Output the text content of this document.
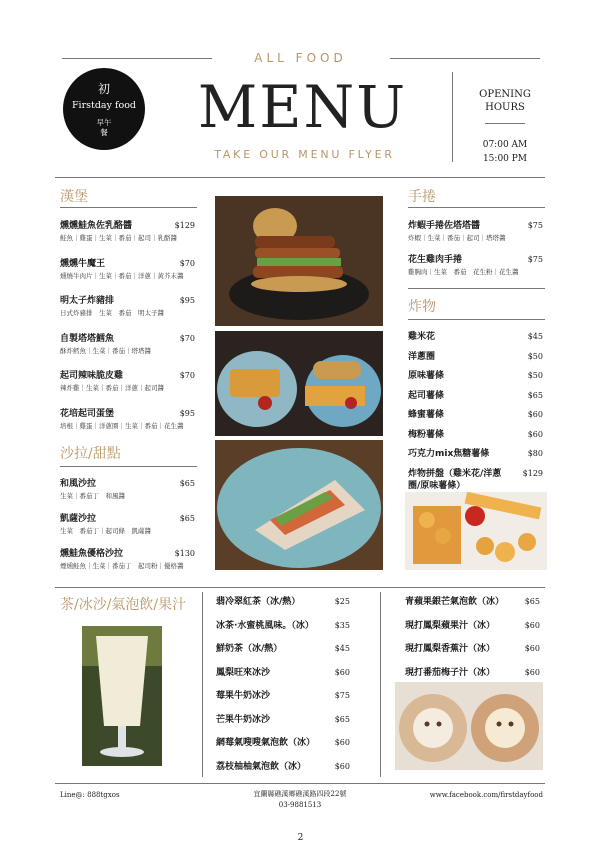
初
Firstday food
早午
餐
ALL FOOD
MENU
TAKE OUR MENU FLYER
OPENING
HOURS
07:00 AM
15:00 PM
漢堡
沙拉/甜點
手捲
炸物
茶/冰沙/氣泡飲/果汁
Line@: 888tgxos	宜蘭縣礁溪鄉礁溪路四段22號
03-9881513
www.facebook.com/firstdayfood
2
燻燻鮭魚佐乳酪醬	$129
鮭魚｜雞蛋｜生菜｜番茄｜起司｜乳酪醬
燻燻牛魔王	$70
燻燒牛肉片｜生菜｜番茄｜洋蔥｜黃芥末醬
明太子炸豬排	$95
日式炸豬排　生菜　番茄　明太子醬
自製塔塔鱈魚	$70
酥炸鱈魚｜生菜｜番茄｜塔塔醬
起司辣味脆皮雞	$70
辣炸雞｜生菜｜番茄｜洋蔥｜起司醬
花培起司蛋堡	$95
培根｜雞蛋｜洋蔥圈｜生菜｜番茄｜花生醬
和風沙拉	$65
生菜｜番茄丁　和風醬
凱薩沙拉	$65
生菜　番茄丁｜起司條　凱薩醬
燻鮭魚優格沙拉	$130
煙燻鮭魚｜生菜｜番茄丁　起司粉｜優格醬
炸蝦手捲佐塔塔醬	$75
炸蝦｜生菜｜番茄｜起司｜塔塔醬
花生雞肉手捲	$75
雞胸肉｜生菜　番茄　花生粉｜花生醬
雞米花	$45
洋蔥圈	$50
原味薯條	$50
起司薯條	$65
蜂蜜薯條	$60
梅粉薯條	$60
巧克力mix焦糖薯條	$80
炸物拼盤（雞米花/洋蔥	$129
圈/原味薯條）
翡冷翠紅茶（冰/熱）	$25
冰茶·水蜜桃風味。（冰）	$35
鮮奶茶（冰/熱）	$45
鳳梨旺來冰沙	$60
莓果牛奶冰沙	$75
芒果牛奶冰沙	$65
網莓氣嗖嗖氣泡飲（冰）	$60
荔枝柚柚氣泡飲（冰）	$60
青蘋果銀芒氣泡飲（冰）	$65
現打鳳梨蘋果汁（冰）	$60
現打鳳梨香蕉汁（冰）	$60
現打番茄梅子汁（冰）	$60
